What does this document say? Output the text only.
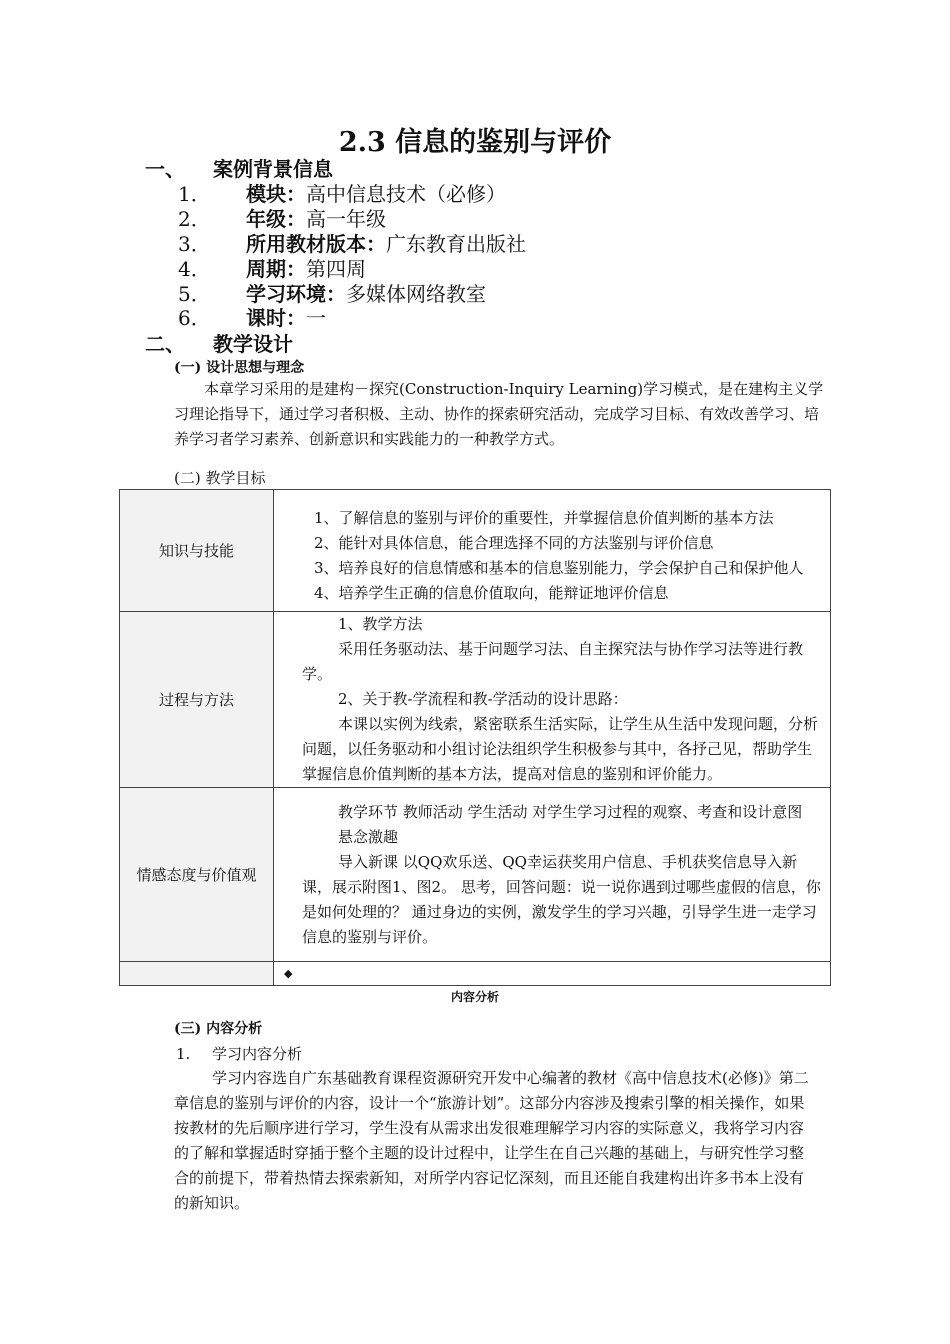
2.3 信息的鉴别与评价
一、 案例背景信息
1． 模块：高中信息技术（必修）
2． 年级：高一年级
3． 所用教材版本：广东教育出版社
4． 周期：第四周
5． 学习环境：多媒体网络教室
6． 课时：一
二、 教学设计
(一) 设计思想与理念
本章学习采用的是建构－探究(Construction-Inquiry Learning)学习模式，是在建构主义学习理论指导下，通过学习者积极、主动、协作的探索研究活动，完成学习目标、有效改善学习、培养学习者学习素养、创新意识和实践能力的一种教学方式。
(二) 教学目标
知识与技能	1、了解信息的鉴别与评价的重要性，并掌握信息价值判断的基本方法
2、能针对具体信息，能合理选择不同的方法鉴别与评价信息
3、培养良好的信息情感和基本的信息鉴别能力，学会保护自己和保护他人
4、培养学生正确的信息价值取向，能辩证地评价信息

过程与方法	1、教学方法
采用任务驱动法、基于问题学习法、自主探究法与协作学习法等进行教学。
2、关于教-学流程和教-学活动的设计思路：
本课以实例为线索，紧密联系生活实际，让学生从生活中发现问题，分析问题，以任务驱动和小组讨论法组织学生积极参与其中，各抒己见，帮助学生掌握信息价值判断的基本方法，提高对信息的鉴别和评价能力。

情感态度与价值观	教学环节 教师活动 学生活动 对学生学习过程的观察、考查和设计意图
悬念激趣
导入新课 以QQ欢乐送、QQ幸运获奖用户信息、手机获奖信息导入新课，展示附图1、图2。 思考，回答问题：说一说你遇到过哪些虚假的信息，你是如何处理的？ 通过身边的实例，激发学生的学习兴趣，引导学生进一走学习信息的鉴别与评价。

	◆
内容分析
(三) 内容分析
1. 学习内容分析
学习内容选自广东基础教育课程资源研究开发中心编著的教材《高中信息技术(必修)》第二章信息的鉴别与评价的内容，设计一个“旅游计划”。这部分内容涉及搜索引擎的相关操作，如果按教材的先后顺序进行学习，学生没有从需求出发很难理解学习内容的实际意义，我将学习内容的了解和掌握适时穿插于整个主题的设计过程中，让学生在自己兴趣的基础上，与研究性学习整合的前提下，带着热情去探索新知，对所学内容记忆深刻，而且还能自我建构出许多书本上没有的新知识。
